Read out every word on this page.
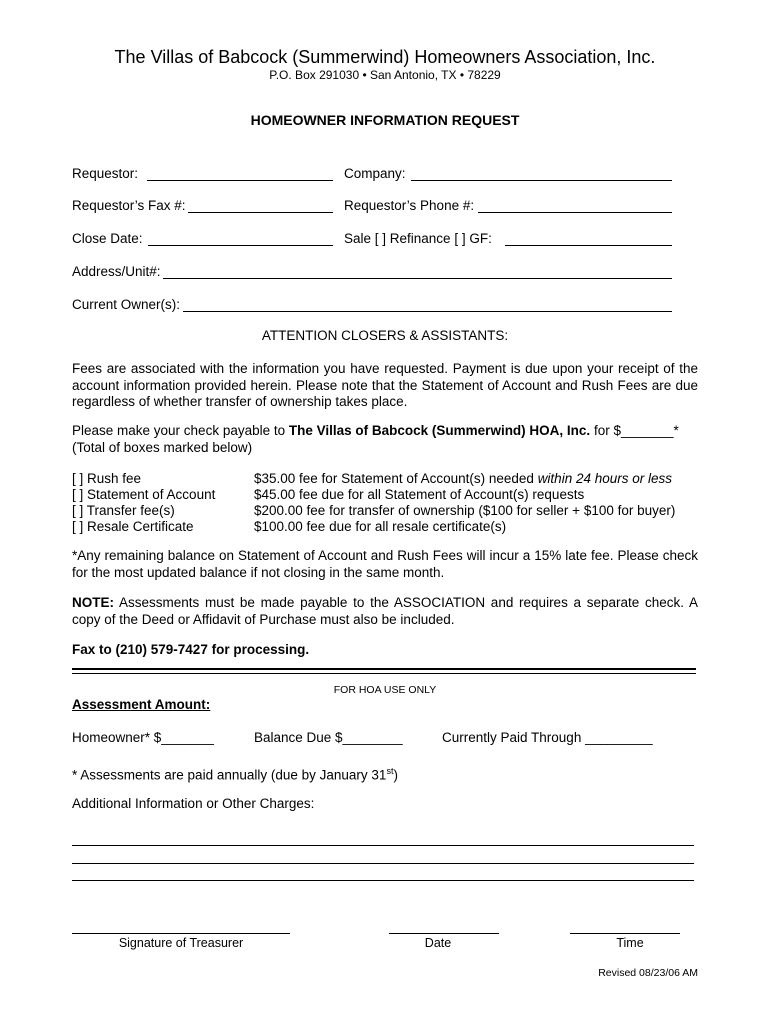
The Villas of Babcock (Summerwind) Homeowners Association, Inc.
P.O. Box 291030 • San Antonio, TX • 78229
HOMEOWNER INFORMATION REQUEST
Requestor:	Company:
Requestor’s Fax #:	Requestor’s Phone #:
Close Date:	Sale [ ] Refinance [ ] GF:
Address/Unit#:
Current Owner(s):
ATTENTION CLOSERS & ASSISTANTS:
Fees are associated with the information you have requested. Payment is due upon your receipt of the account information provided herein. Please note that the Statement of Account and Rush Fees are due regardless of whether transfer of ownership takes place.
Please make your check payable to The Villas of Babcock (Summerwind) HOA, Inc. for $_______*
(Total of boxes marked below)
[ ] Rush fee	$35.00 fee for Statement of Account(s) needed within 24 hours or less
[ ] Statement of Account	$45.00 fee due for all Statement of Account(s) requests
[ ] Transfer fee(s)	$200.00 fee for transfer of ownership ($100 for seller + $100 for buyer)
[ ] Resale Certificate	$100.00 fee due for all resale certificate(s)
*Any remaining balance on Statement of Account and Rush Fees will incur a 15% late fee. Please check for the most updated balance if not closing in the same month.
NOTE: Assessments must be made payable to the ASSOCIATION and requires a separate check. A copy of the Deed or Affidavit of Purchase must also be included.
Fax to (210) 579-7427 for processing.
FOR HOA USE ONLY
Assessment Amount:
Homeowner* $_______	Balance Due $________	Currently Paid Through _________
* Assessments are paid annually (due by January 31st)
Additional Information or Other Charges:
Signature of Treasurer	Date	Time
Revised 08/23/06 AM
